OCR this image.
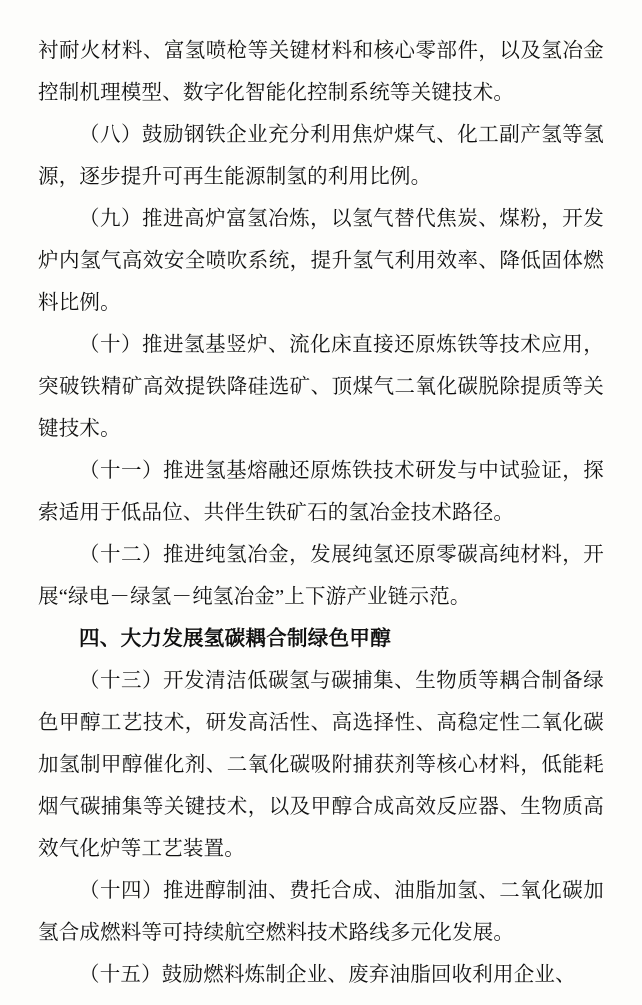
衬耐火材料、富氢喷枪等关键材料和核心零部件，以及氢冶金控制机理模型、数字化智能化控制系统等关键技术。

（八）鼓励钢铁企业充分利用焦炉煤气、化工副产氢等氢源，逐步提升可再生能源制氢的利用比例。

（九）推进高炉富氢冶炼，以氢气替代焦炭、煤粉，开发炉内氢气高效安全喷吹系统，提升氢气利用效率、降低固体燃料比例。

（十）推进氢基竖炉、流化床直接还原炼铁等技术应用，突破铁精矿高效提铁降硅选矿、顶煤气二氧化碳脱除提质等关键技术。

（十一）推进氢基熔融还原炼铁技术研发与中试验证，探索适用于低品位、共伴生铁矿石的氢冶金技术路径。

（十二）推进纯氢冶金，发展纯氢还原零碳高纯材料，开展“绿电－绿氢－纯氢冶金”上下游产业链示范。

四、大力发展氢碳耦合制绿色甲醇

（十三）开发清洁低碳氢与碳捕集、生物质等耦合制备绿色甲醇工艺技术，研发高活性、高选择性、高稳定性二氧化碳加氢制甲醇催化剂、二氧化碳吸附捕获剂等核心材料，低能耗烟气碳捕集等关键技术，以及甲醇合成高效反应器、生物质高效气化炉等工艺装置。

（十四）推进醇制油、费托合成、油脂加氢、二氧化碳加氢合成燃料等可持续航空燃料技术路线多元化发展。

（十五）鼓励燃料炼制企业、废弃油脂回收利用企业、
